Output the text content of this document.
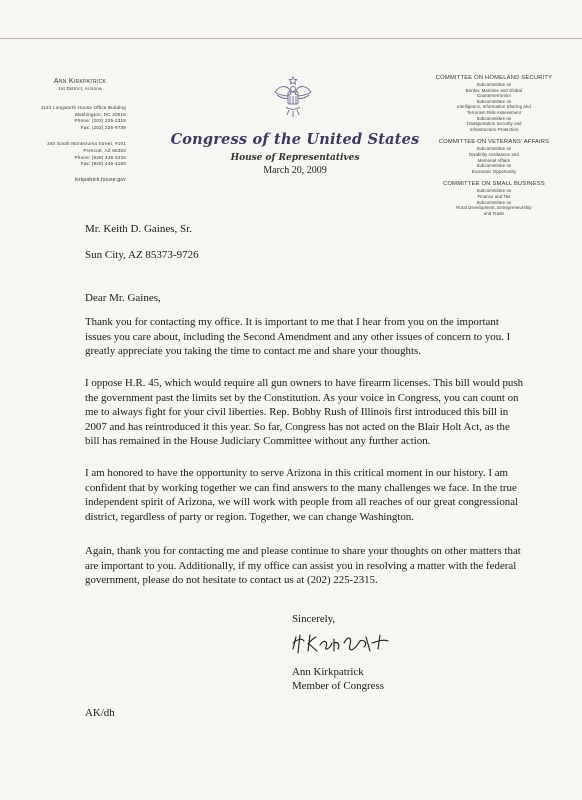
Ann Kirkpatrick
1st District, Arizona
1123 Longworth House Office Building
Washington, DC 20515
Phone: (202) 225-2315
Fax: (202) 226-9739
340 South Montezuma Street, #101
Prescott, AZ 86303
Phone: (928) 445-3434
Fax: (928) 445-4160
kirkpatrick.house.gov
Congress of the United States
House of Representatives
March 20, 2009
COMMITTEE ON HOMELAND SECURITY
Subcommittee on
Border, Maritime and Global
Counterterrorism
Subcommittee on
Intelligence, Information Sharing and
Terrorism Risk Assessment
Subcommittee on
Transportation Security and
Infrastructure Protection
COMMITTEE ON VETERANS' AFFAIRS
Subcommittee on
Disability Assistance and
Memorial Affairs
Subcommittee on
Economic Opportunity
COMMITTEE ON SMALL BUSINESS
Subcommittee on
Finance and Tax
Subcommittee on
Rural Development, Entrepreneurship
and Trade
Mr. Keith D. Gaines, Sr.
Sun City, AZ 85373-9726
Dear Mr. Gaines,

Thank you for contacting my office. It is important to me that I hear from you on the important issues you care about, including the Second Amendment and any other issues of concern to you. I greatly appreciate you taking the time to contact me and share your thoughts.

I oppose H.R. 45, which would require all gun owners to have firearm licenses. This bill would push the government past the limits set by the Constitution. As your voice in Congress, you can count on me to always fight for your civil liberties. Rep. Bobby Rush of Illinois first introduced this bill in 2007 and has reintroduced it this year. So far, Congress has not acted on the Blair Holt Act, as the bill has remained in the House Judiciary Committee without any further action.

I am honored to have the opportunity to serve Arizona in this critical moment in our history. I am confident that by working together we can find answers to the many challenges we face. In the true independent spirit of Arizona, we will work with people from all reaches of our great congressional district, regardless of party or region. Together, we can change Washington.

Again, thank you for contacting me and please continue to share your thoughts on other matters that are important to you. Additionally, if my office can assist you in resolving a matter with the federal government, please do not hesitate to contact us at (202) 225-2315.

Sincerely,
Ann Kirkpatrick
Member of Congress
AK/dh
